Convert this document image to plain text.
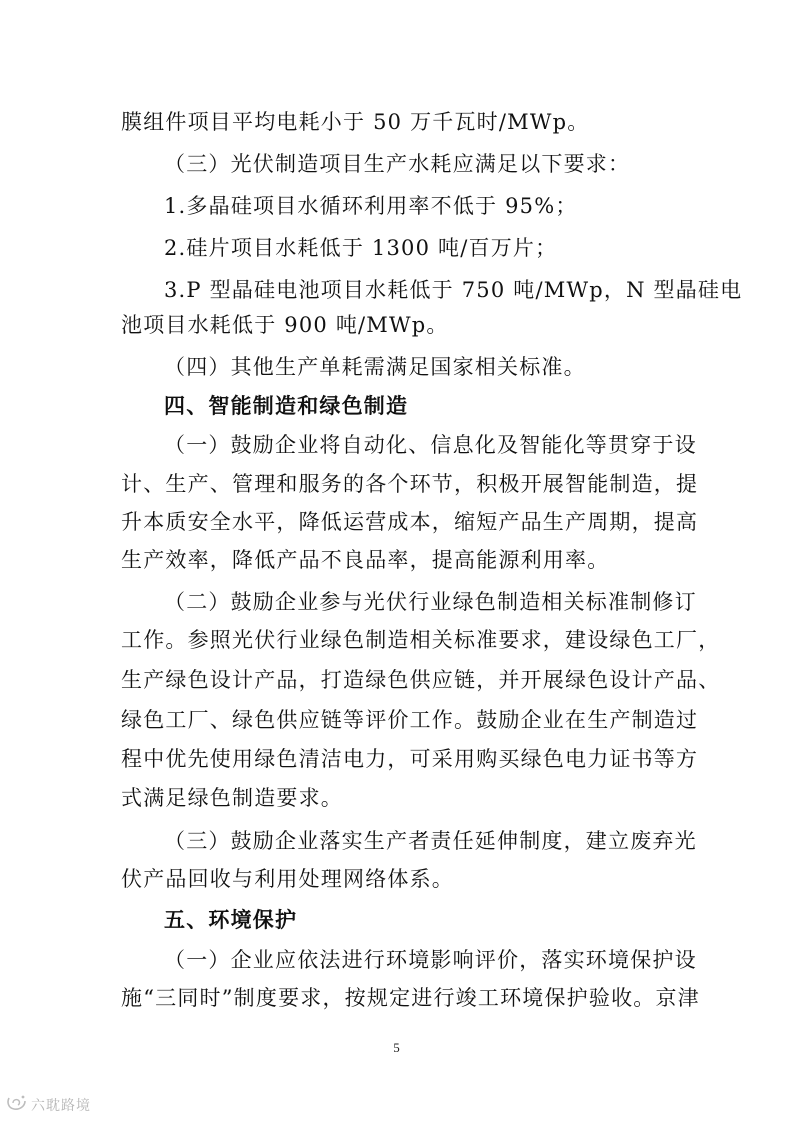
膜组件项目平均电耗小于 50 万千瓦时/MWp。
（三）光伏制造项目生产水耗应满足以下要求：
1.多晶硅项目水循环利用率不低于 95%；
2.硅片项目水耗低于 1300 吨/百万片；
3.P 型晶硅电池项目水耗低于 750 吨/MWp，N 型晶硅电
池项目水耗低于 900 吨/MWp。
（四）其他生产单耗需满足国家相关标准。
四、智能制造和绿色制造
（一）鼓励企业将自动化、信息化及智能化等贯穿于设
计、生产、管理和服务的各个环节，积极开展智能制造，提
升本质安全水平，降低运营成本，缩短产品生产周期，提高
生产效率，降低产品不良品率，提高能源利用率。
（二）鼓励企业参与光伏行业绿色制造相关标准制修订
工作。参照光伏行业绿色制造相关标准要求，建设绿色工厂，
生产绿色设计产品，打造绿色供应链，并开展绿色设计产品、
绿色工厂、绿色供应链等评价工作。鼓励企业在生产制造过
程中优先使用绿色清洁电力，可采用购买绿色电力证书等方
式满足绿色制造要求。
（三）鼓励企业落实生产者责任延伸制度，建立废弃光
伏产品回收与利用处理网络体系。
五、环境保护
（一）企业应依法进行环境影响评价，落实环境保护设
施“三同时”制度要求，按规定进行竣工环境保护验收。京津
5
六耽路境
